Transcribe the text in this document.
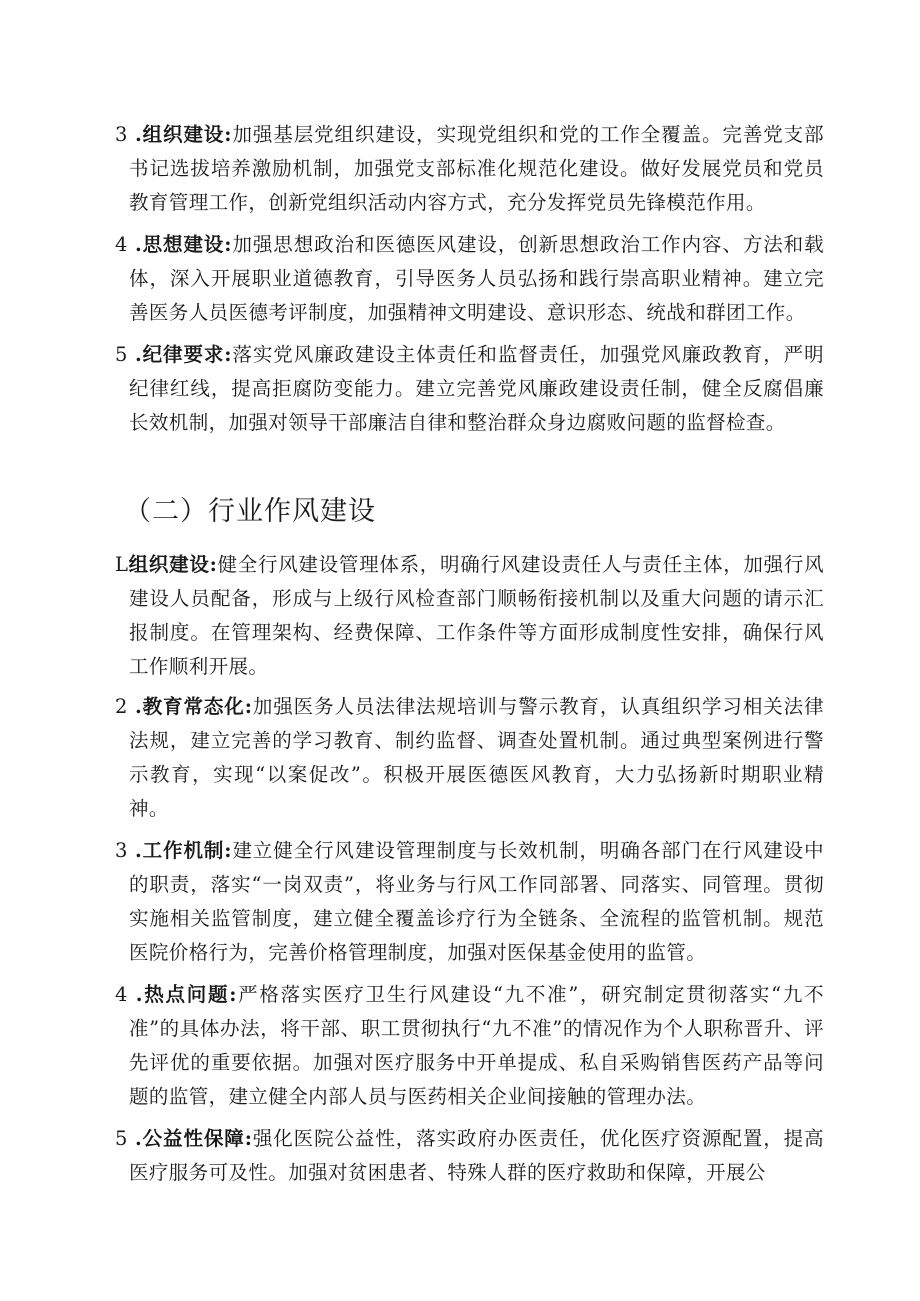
3 .组织建设:加强基层党组织建设，实现党组织和党的工作全覆盖。完善党支部书记选拔培养激励机制，加强党支部标准化规范化建设。做好发展党员和党员教育管理工作，创新党组织活动内容方式，充分发挥党员先锋模范作用。

4 .思想建设:加强思想政治和医德医风建设，创新思想政治工作内容、方法和载体，深入开展职业道德教育，引导医务人员弘扬和践行崇高职业精神。建立完善医务人员医德考评制度，加强精神文明建设、意识形态、统战和群团工作。

5 .纪律要求:落实党风廉政建设主体责任和监督责任，加强党风廉政教育，严明纪律红线，提高拒腐防变能力。建立完善党风廉政建设责任制，健全反腐倡廉长效机制，加强对领导干部廉洁自律和整治群众身边腐败问题的监督检查。

（二）行业作风建设

L组织建设:健全行风建设管理体系，明确行风建设责任人与责任主体，加强行风建设人员配备，形成与上级行风检查部门顺畅衔接机制以及重大问题的请示汇报制度。在管理架构、经费保障、工作条件等方面形成制度性安排，确保行风工作顺利开展。

2 .教育常态化:加强医务人员法律法规培训与警示教育，认真组织学习相关法律法规，建立完善的学习教育、制约监督、调查处置机制。通过典型案例进行警示教育，实现“以案促改”。积极开展医德医风教育，大力弘扬新时期职业精神。

3 .工作机制:建立健全行风建设管理制度与长效机制，明确各部门在行风建设中的职责，落实“一岗双责”，将业务与行风工作同部署、同落实、同管理。贯彻实施相关监管制度，建立健全覆盖诊疗行为全链条、全流程的监管机制。规范医院价格行为，完善价格管理制度，加强对医保基金使用的监管。

4 .热点问题:严格落实医疗卫生行风建设“九不准”，研究制定贯彻落实“九不准”的具体办法，将干部、职工贯彻执行“九不准”的情况作为个人职称晋升、评先评优的重要依据。加强对医疗服务中开单提成、私自采购销售医药产品等问题的监管，建立健全内部人员与医药相关企业间接触的管理办法。

5 .公益性保障:强化医院公益性，落实政府办医责任，优化医疗资源配置，提高医疗服务可及性。加强对贫困患者、特殊人群的医疗救助和保障，开展公
